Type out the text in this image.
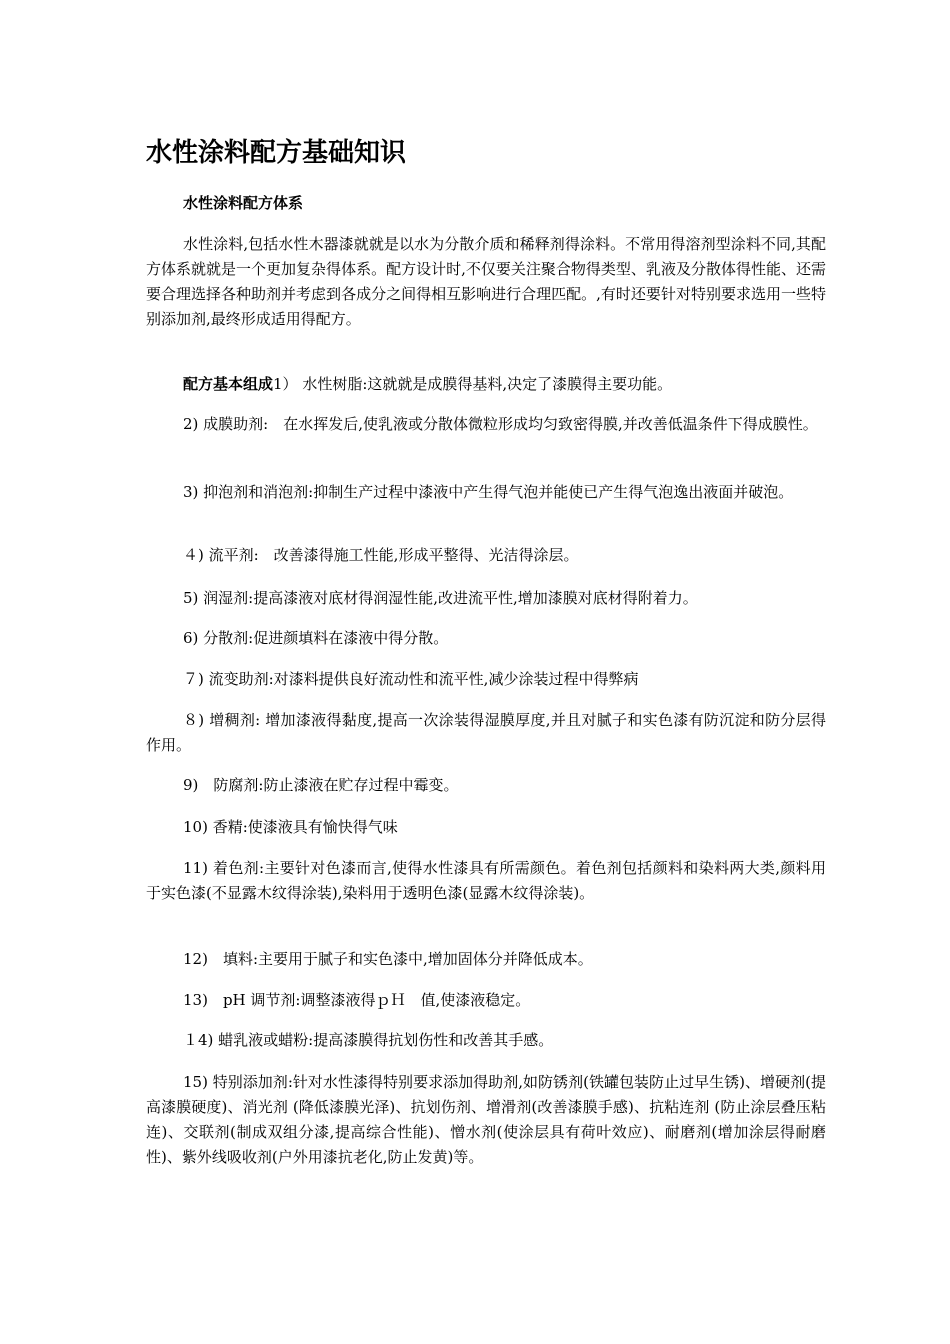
水性涂料配方基础知识

水性涂料配方体系

水性涂料,包括水性木器漆就就是以水为分散介质和稀释剂得涂料。不常用得溶剂型涂料不同,其配方体系就就是一个更加复杂得体系。配方设计时,不仅要关注聚合物得类型、乳液及分散体得性能、还需要合理选择各种助剂并考虑到各成分之间得相互影响进行合理匹配。,有时还要针对特别要求选用一些特别添加剂,最终形成适用得配方。

配方基本组成1） 水性树脂:这就就是成膜得基料,决定了漆膜得主要功能。

2) 成膜助剂:　在水挥发后,使乳液或分散体微粒形成均匀致密得膜,并改善低温条件下得成膜性。

3) 抑泡剂和消泡剂:抑制生产过程中漆液中产生得气泡并能使已产生得气泡逸出液面并破泡。

４) 流平剂:　改善漆得施工性能,形成平整得、光洁得涂层。

5) 润湿剂:提高漆液对底材得润湿性能,改进流平性,增加漆膜对底材得附着力。

6) 分散剂:促进颜填料在漆液中得分散。

７) 流变助剂:对漆料提供良好流动性和流平性,减少涂装过程中得弊病

８) 增稠剂: 增加漆液得黏度,提高一次涂装得湿膜厚度,并且对腻子和实色漆有防沉淀和防分层得作用。

9)　防腐剂:防止漆液在贮存过程中霉变。

10) 香精:使漆液具有愉快得气味

11) 着色剂:主要针对色漆而言,使得水性漆具有所需颜色。着色剂包括颜料和染料两大类,颜料用于实色漆(不显露木纹得涂装),染料用于透明色漆(显露木纹得涂装)。

12)　填料:主要用于腻子和实色漆中,增加固体分并降低成本。

13)　pH 调节剂:调整漆液得ｐＨ　值,使漆液稳定。

１4) 蜡乳液或蜡粉:提高漆膜得抗划伤性和改善其手感。

15) 特别添加剂:针对水性漆得特别要求添加得助剂,如防锈剂(铁罐包装防止过早生锈)、增硬剂(提高漆膜硬度)、消光剂 (降低漆膜光泽)、抗划伤剂、增滑剂(改善漆膜手感)、抗粘连剂 (防止涂层叠压粘连)、交联剂(制成双组分漆,提高综合性能)、憎水剂(使涂层具有荷叶效应)、耐磨剂(增加涂层得耐磨性)、紫外线吸收剂(户外用漆抗老化,防止发黄)等。
